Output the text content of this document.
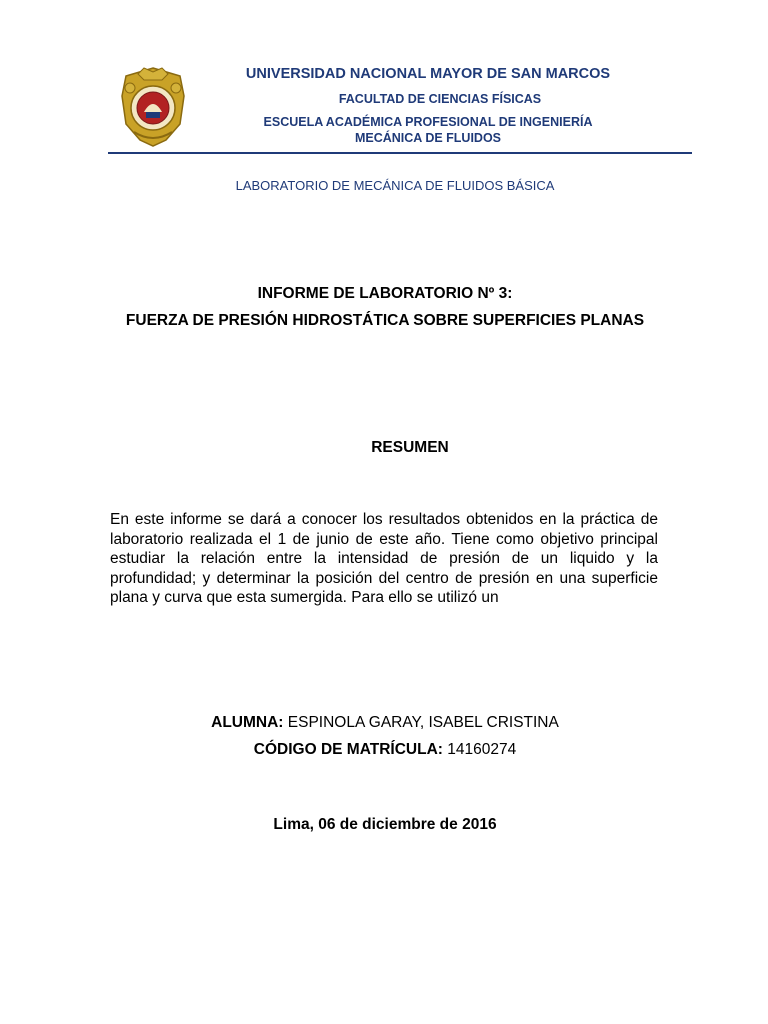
UNIVERSIDAD NACIONAL MAYOR DE SAN MARCOS
FACULTAD DE CIENCIAS FÍSICAS
ESCUELA ACADÉMICA PROFESIONAL DE INGENIERÍA
MECÁNICA DE FLUIDOS
LABORATORIO DE MECÁNICA DE FLUIDOS BÁSICA
INFORME DE LABORATORIO Nº 3:
FUERZA DE PRESIÓN HIDROSTÁTICA SOBRE SUPERFICIES PLANAS
RESUMEN
En este informe se dará a conocer los resultados obtenidos en la práctica de laboratorio realizada el 1 de junio de este año. Tiene como objetivo principal estudiar la relación entre la intensidad de presión de un liquido y la profundidad; y determinar la posición del centro de presión en una superficie plana y curva que esta sumergida. Para ello se utilizó un
ALUMNA: ESPINOLA GARAY, ISABEL CRISTINA
CÓDIGO DE MATRÍCULA: 14160274
Lima, 06 de diciembre de 2016
